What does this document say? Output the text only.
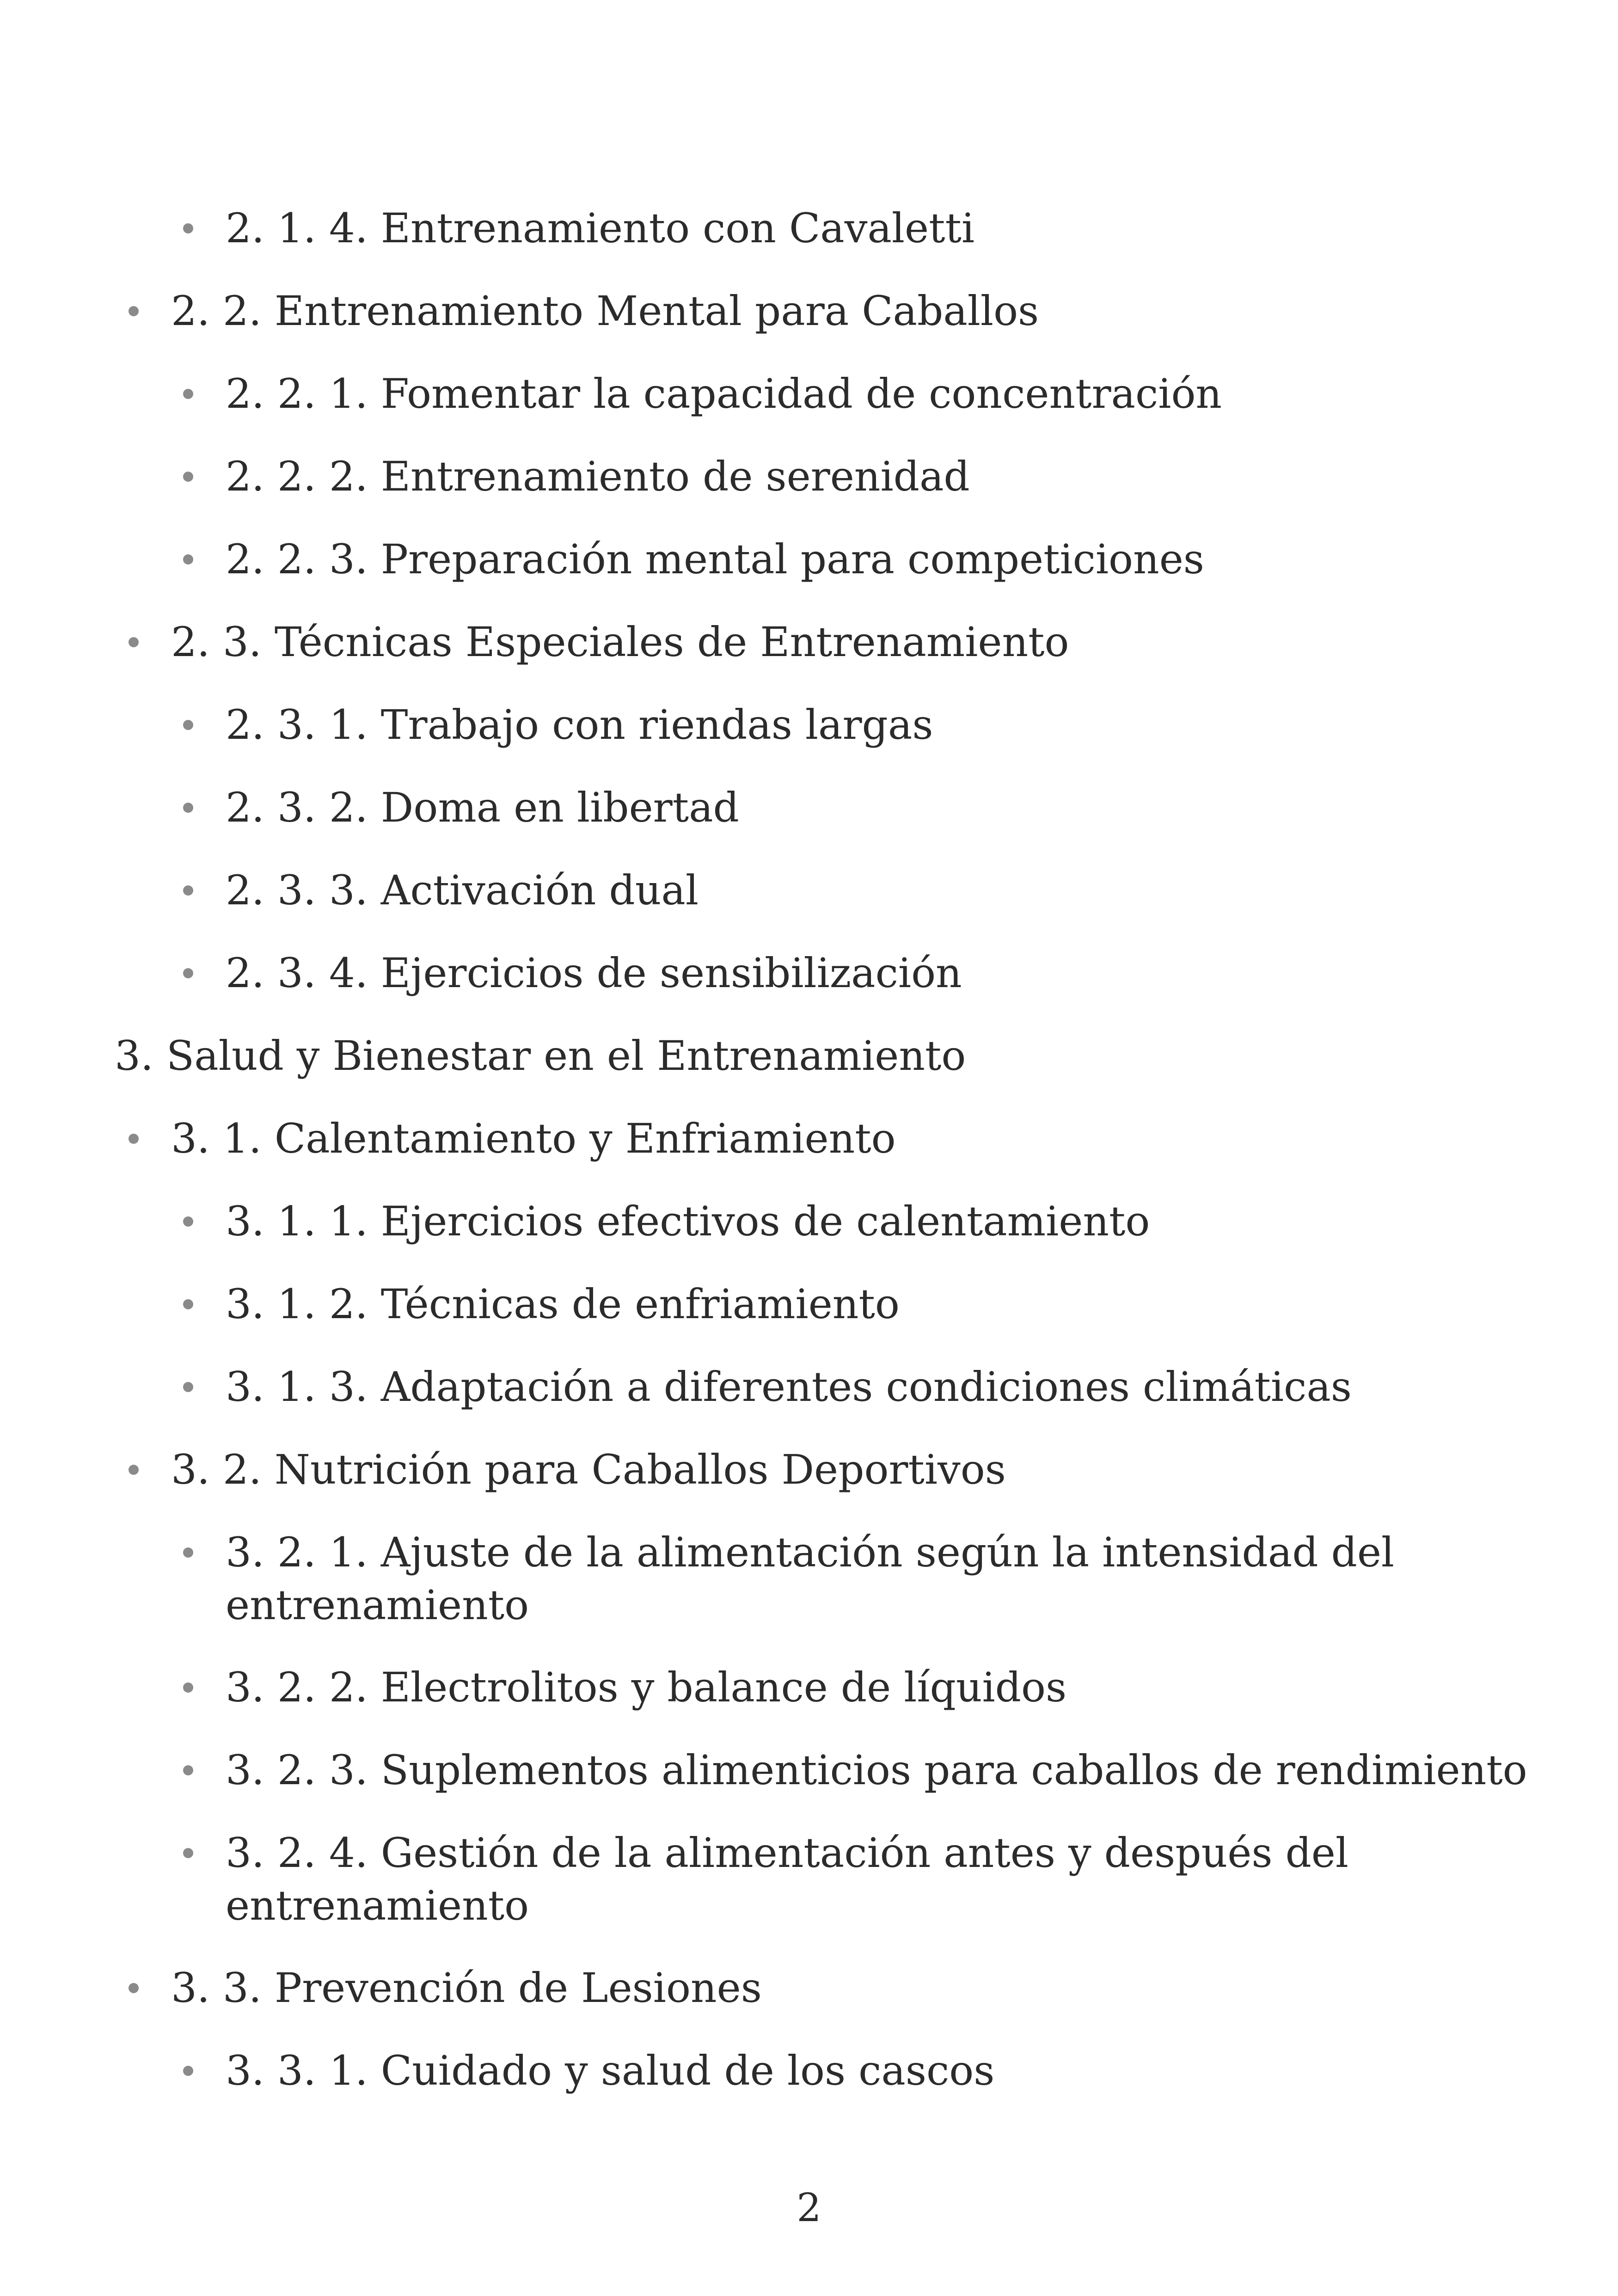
2. 1. 4. Entrenamiento con Cavaletti
2. 2. Entrenamiento Mental para Caballos
2. 2. 1. Fomentar la capacidad de concentración
2. 2. 2. Entrenamiento de serenidad
2. 2. 3. Preparación mental para competiciones
2. 3. Técnicas Especiales de Entrenamiento
2. 3. 1. Trabajo con riendas largas
2. 3. 2. Doma en libertad
2. 3. 3. Activación dual
2. 3. 4. Ejercicios de sensibilización
3. Salud y Bienestar en el Entrenamiento
3. 1. Calentamiento y Enfriamiento
3. 1. 1. Ejercicios efectivos de calentamiento
3. 1. 2. Técnicas de enfriamiento
3. 1. 3. Adaptación a diferentes condiciones climáticas
3. 2. Nutrición para Caballos Deportivos
3. 2. 1. Ajuste de la alimentación según la intensidad del
entrenamiento
3. 2. 2. Electrolitos y balance de líquidos
3. 2. 3. Suplementos alimenticios para caballos de rendimiento
3. 2. 4. Gestión de la alimentación antes y después del
entrenamiento
3. 3. Prevención de Lesiones
3. 3. 1. Cuidado y salud de los cascos
2
